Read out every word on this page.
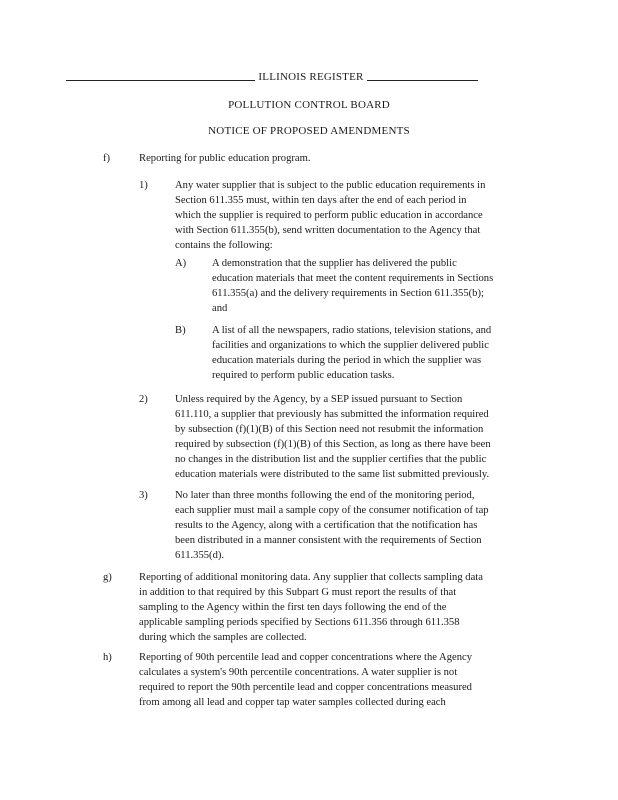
ILLINOIS REGISTER
POLLUTION CONTROL BOARD
NOTICE OF PROPOSED AMENDMENTS
f)	Reporting for public education program.
1)	Any water supplier that is subject to the public education requirements in
Section 611.355 must, within ten days after the end of each period in
which the supplier is required to perform public education in accordance
with Section 611.355(b), send written documentation to the Agency that
contains the following:
A)	A demonstration that the supplier has delivered the public
education materials that meet the content requirements in Sections
611.355(a) and the delivery requirements in Section 611.355(b);
and
B)	A list of all the newspapers, radio stations, television stations, and
facilities and organizations to which the supplier delivered public
education materials during the period in which the supplier was
required to perform public education tasks.
2)	Unless required by the Agency, by a SEP issued pursuant to Section
611.110, a supplier that previously has submitted the information required
by subsection (f)(1)(B) of this Section need not resubmit the information
required by subsection (f)(1)(B) of this Section, as long as there have been
no changes in the distribution list and the supplier certifies that the public
education materials were distributed to the same list submitted previously.
3)	No later than three months following the end of the monitoring period,
each supplier must mail a sample copy of the consumer notification of tap
results to the Agency, along with a certification that the notification has
been distributed in a manner consistent with the requirements of Section
611.355(d).
g)	Reporting of additional monitoring data. Any supplier that collects sampling data
in addition to that required by this Subpart G must report the results of that
sampling to the Agency within the first ten days following the end of the
applicable sampling periods specified by Sections 611.356 through 611.358
during which the samples are collected.
h)	Reporting of 90th percentile lead and copper concentrations where the Agency
calculates a system's 90th percentile concentrations. A water supplier is not
required to report the 90th percentile lead and copper concentrations measured
from among all lead and copper tap water samples collected during each
